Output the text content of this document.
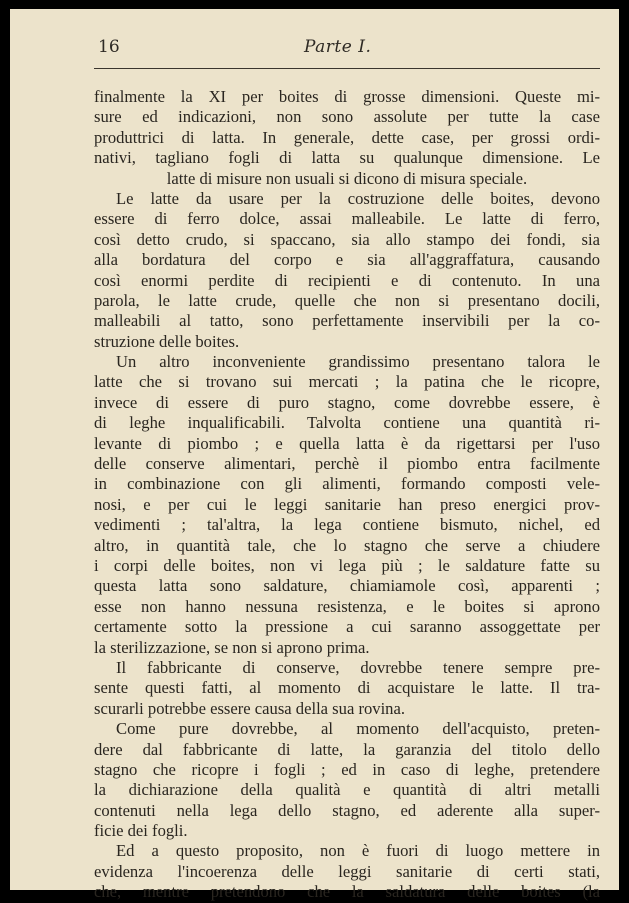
16	Parte I.
finalmente la XI per boites di grosse dimensioni. Queste mi-
sure ed indicazioni, non sono assolute per tutte la case
produttrici di latta. In generale, dette case, per grossi ordi-
nativi, tagliano fogli di latta su qualunque dimensione. Le
latte di misure non usuali si dicono di misura speciale.
Le latte da usare per la costruzione delle boites, devono
essere di ferro dolce, assai malleabile. Le latte di ferro,
così detto crudo, si spaccano, sia allo stampo dei fondi, sia
alla bordatura del corpo e sia all'aggraffatura, causando
così enormi perdite di recipienti e di contenuto. In una
parola, le latte crude, quelle che non si presentano docili,
malleabili al tatto, sono perfettamente inservibili per la co-
struzione delle boites.
Un altro inconveniente grandissimo presentano talora le
latte che si trovano sui mercati ; la patina che le ricopre,
invece di essere di puro stagno, come dovrebbe essere, è
di leghe inqualificabili. Talvolta contiene una quantità ri-
levante di piombo ; e quella latta è da rigettarsi per l'uso
delle conserve alimentari, perchè il piombo entra facilmente
in combinazione con gli alimenti, formando composti vele-
nosi, e per cui le leggi sanitarie han preso energici prov-
vedimenti ; tal'altra, la lega contiene bismuto, nichel, ed
altro, in quantità tale, che lo stagno che serve a chiudere
i corpi delle boites, non vi lega più ; le saldature fatte su
questa latta sono saldature, chiamiamole così, apparenti ;
esse non hanno nessuna resistenza, e le boites si aprono
certamente sotto la pressione a cui saranno assoggettate per
la sterilizzazione, se non si aprono prima.
Il fabbricante di conserve, dovrebbe tenere sempre pre-
sente questi fatti, al momento di acquistare le latte. Il tra-
scurarli potrebbe essere causa della sua rovina.
Come pure dovrebbe, al momento dell'acquisto, preten-
dere dal fabbricante di latte, la garanzia del titolo dello
stagno che ricopre i fogli ; ed in caso di leghe, pretendere
la dichiarazione della qualità e quantità di altri metalli
contenuti nella lega dello stagno, ed aderente alla super-
ficie dei fogli.
Ed a questo proposito, non è fuori di luogo mettere in
evidenza l'incoerenza delle leggi sanitarie di certi stati,
che, mentre pretendono che la saldatura delle boites (la
